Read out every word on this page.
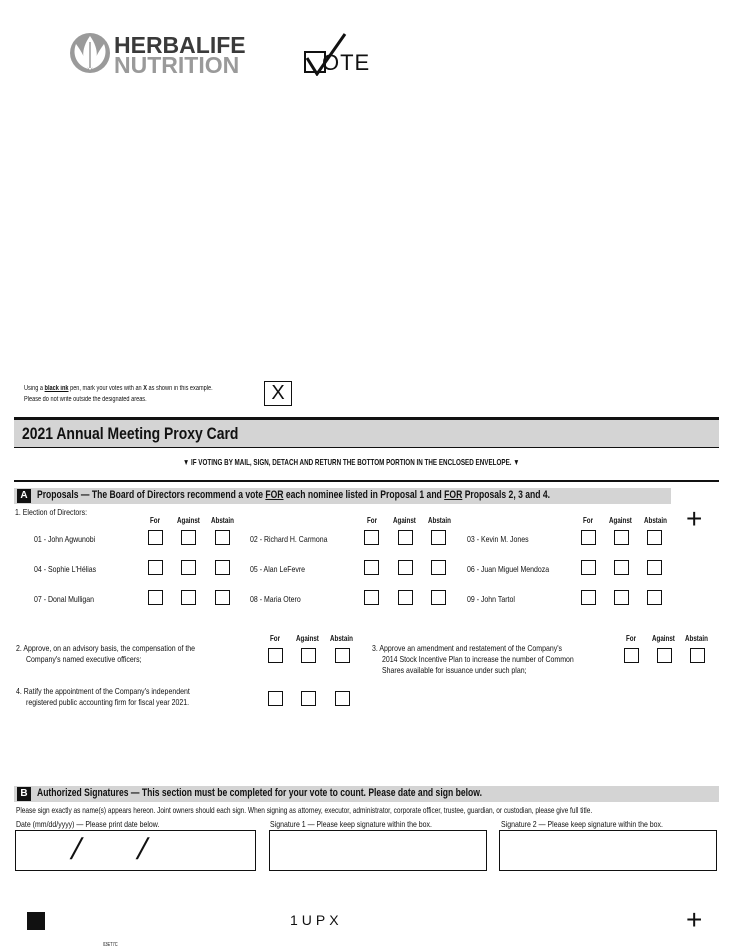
HERBALIFE
NUTRITION	OTE
Using a black ink pen, mark your votes with an X as shown in this example.
Please do not write outside the designated areas.	X
2021 Annual Meeting Proxy Card
▼ IF VOTING BY MAIL, SIGN, DETACH AND RETURN THE BOTTOM PORTION IN THE ENCLOSED ENVELOPE. ▼
A Proposals — The Board of Directors recommend a vote FOR each nominee listed in Proposal 1 and FOR Proposals 2, 3 and 4.
1. Election of Directors:	+
For Against Abstain	For Against Abstain	For Against Abstain
01 - John Agwunobi	02 - Richard H. Carmona	03 - Kevin M. Jones
04 - Sophie L'Hélias	05 - Alan LeFevre	06 - Juan Miguel Mendoza
07 - Donal Mulligan	08 - Maria Otero	09 - John Tartol
2. Approve, on an advisory basis, the compensation of the
Company's named executive officers;
For Against Abstain
3. Approve an amendment and restatement of the Company's
2014 Stock Incentive Plan to increase the number of Common
Shares available for issuance under such plan;
For Against Abstain
4. Ratify the appointment of the Company's independent
registered public accounting firm for fiscal year 2021.
B Authorized Signatures — This section must be completed for your vote to count. Please date and sign below.
Please sign exactly as name(s) appears hereon. Joint owners should each sign. When signing as attorney, executor, administrator, corporate officer, trustee, guardian, or custodian, please give full title.
Date (mm/dd/yyyy) — Please print date below.	Signature 1 — Please keep signature within the box.	Signature 2 — Please keep signature within the box.
/ /
1UPX	+
03ET7C
